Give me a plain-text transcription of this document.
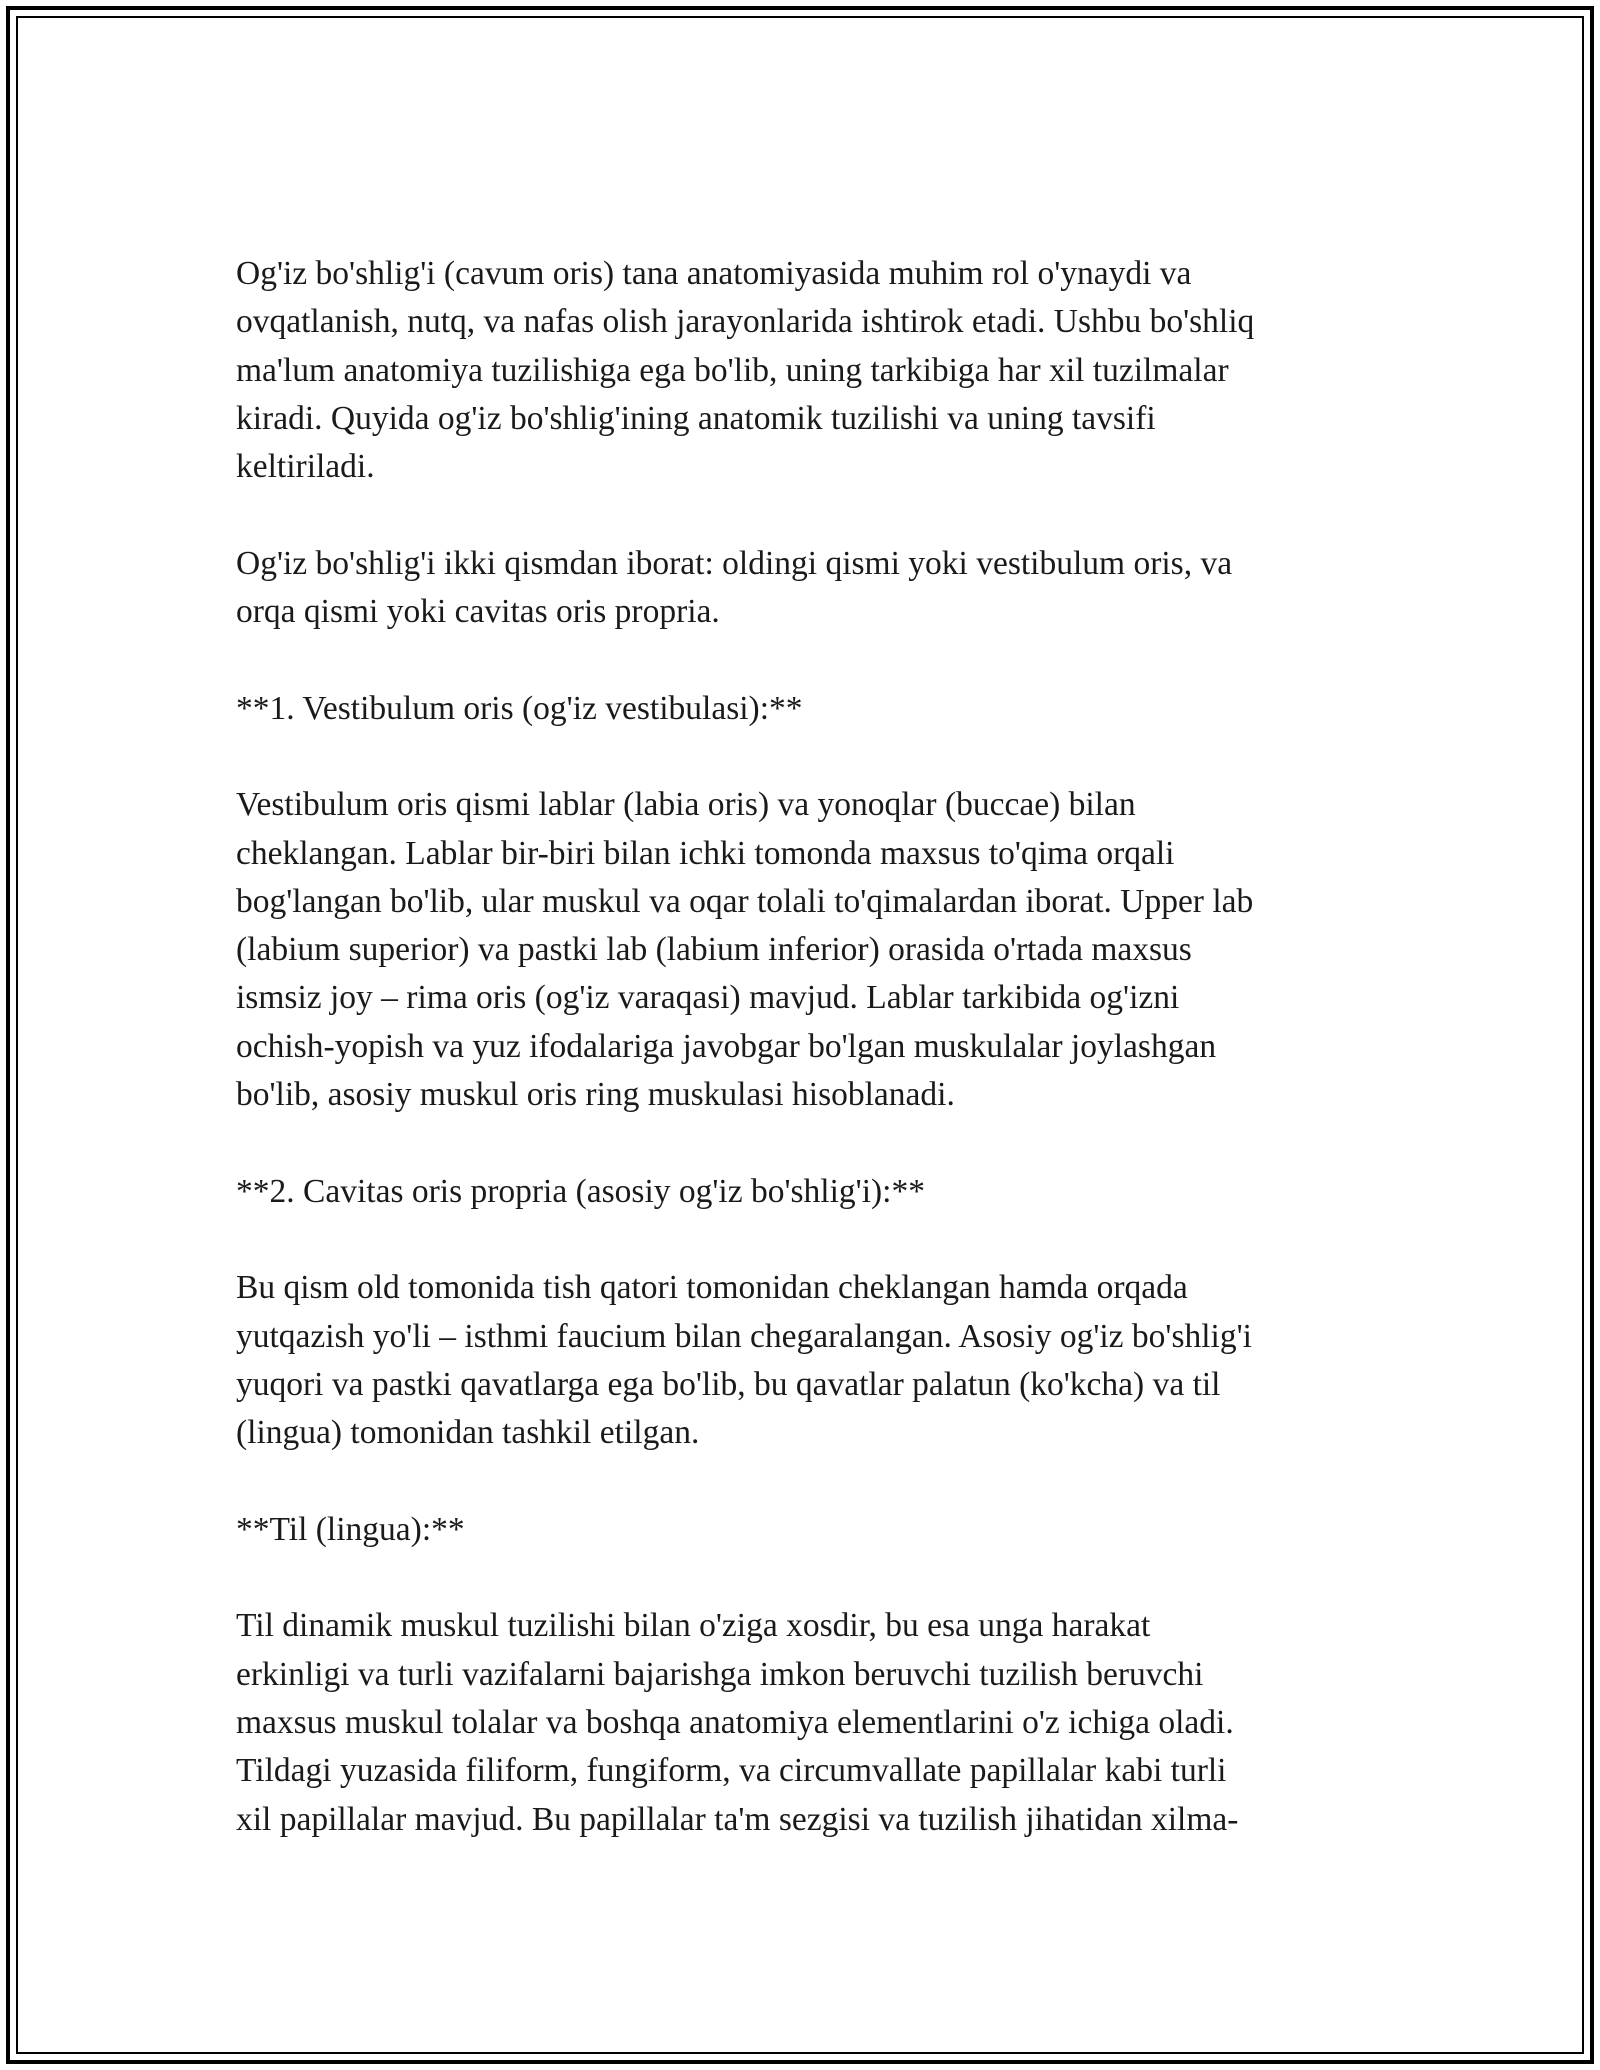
Og'iz bo'shlig'i (cavum oris) tana anatomiyasida muhim rol o'ynaydi va
ovqatlanish, nutq, va nafas olish jarayonlarida ishtirok etadi. Ushbu bo'shliq
ma'lum anatomiya tuzilishiga ega bo'lib, uning tarkibiga har xil tuzilmalar
kiradi. Quyida og'iz bo'shlig'ining anatomik tuzilishi va uning tavsifi
keltiriladi.

Og'iz bo'shlig'i ikki qismdan iborat: oldingi qismi yoki vestibulum oris, va
orqa qismi yoki cavitas oris propria.

**1. Vestibulum oris (og'iz vestibulasi):**

Vestibulum oris qismi lablar (labia oris) va yonoqlar (buccae) bilan
cheklangan. Lablar bir-biri bilan ichki tomonda maxsus to'qima orqali
bog'langan bo'lib, ular muskul va oqar tolali to'qimalardan iborat. Upper lab
(labium superior) va pastki lab (labium inferior) orasida o'rtada maxsus
ismsiz joy – rima oris (og'iz varaqasi) mavjud. Lablar tarkibida og'izni
ochish-yopish va yuz ifodalariga javobgar bo'lgan muskulalar joylashgan
bo'lib, asosiy muskul oris ring muskulasi hisoblanadi.

**2. Cavitas oris propria (asosiy og'iz bo'shlig'i):**

Bu qism old tomonida tish qatori tomonidan cheklangan hamda orqada
yutqazish yo'li – isthmi faucium bilan chegaralangan. Asosiy og'iz bo'shlig'i
yuqori va pastki qavatlarga ega bo'lib, bu qavatlar palatun (ko'kcha) va til
(lingua) tomonidan tashkil etilgan.

**Til (lingua):**

Til dinamik muskul tuzilishi bilan o'ziga xosdir, bu esa unga harakat
erkinligi va turli vazifalarni bajarishga imkon beruvchi tuzilish beruvchi
maxsus muskul tolalar va boshqa anatomiya elementlarini o'z ichiga oladi.
Tildagi yuzasida filiform, fungiform, va circumvallate papillalar kabi turli
xil papillalar mavjud. Bu papillalar ta'm sezgisi va tuzilish jihatidan xilma-
